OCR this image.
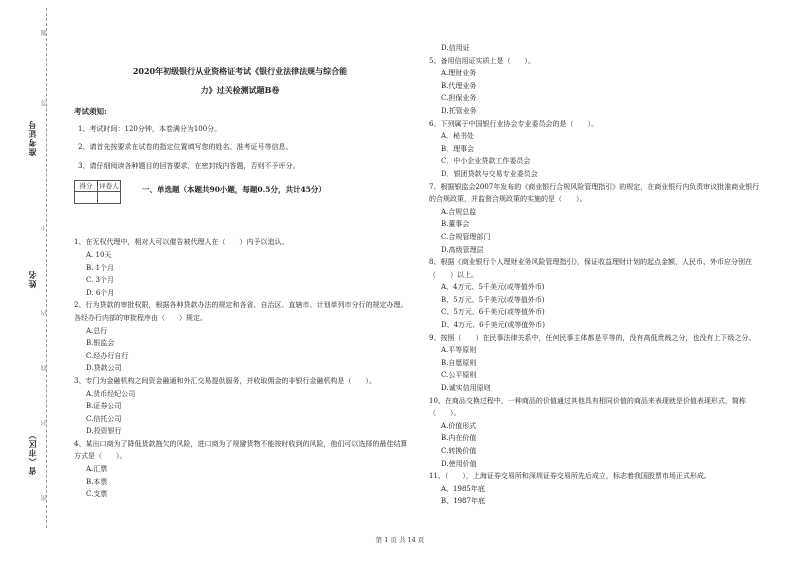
准考证号
姓名
省（市区）
题
答
不
内
线
封
密
2020年初级银行从业资格证考试《银行业法律法规与综合能
力》过关检测试题B卷
考试须知:
1、考试时间：120分钟，本卷满分为100分。
2、请首先按要求在试卷的指定位置填写您的姓名、准考证号等信息。
3、请仔细阅读各种题目的回答要求，在密封线内答题，否则不予评分。
得分	评卷人	一、单选题（本题共90小题，每题0.5分，共计45分）
1、在无权代理中，相对人可以催告被代理人在（　　）内予以追认。
A. 10天
B. 1个月
C. 3个月
D. 6个月
2、行为贷款的审批权限，根据各种贷款办法的规定和各省、自治区、直辖市、计划单列市分行的规定办理。各经办行内部的审批程序由（　　）规定。
A.总行
B.银监会
C.经办行自行
D.贷款公司
3、专门为金融机构之间资金融通和外汇交易提供服务，并收取佣金的非银行金融机构是（　　）。
A.货币经纪公司
B.证券公司
C.信托公司
D.投资银行
4、某出口商为了降低货款拖欠的风险，进口商为了规避货物不能按时收到的风险，他们可以选择的最佳结算方式是（　　）。
A.汇票
B.本票
C.支票
D.信用证
5、备用信用证实质上是（　　）。
A.理财业务
B.代理业务
C.担保业务
D.托管业务
6、下列属于中国银行业协会专业委员会的是（　　）。
A．秘书处
B．理事会
C．中小企业贷款工作委员会
D．银团贷款与交易专业委员会
7、根据银监会2007年发布的《商业银行合规风险管理指引》的规定，在商业银行内负责审议批准商业银行的合规政策，并监督合规政策的实施的是（　　）。
A.合规总监
B.董事会
C.合规管理部门
D.高级管理层
8、根据《商业银行个人理财业务风险管理指引》，保证收益理财计划的起点金额，人民币、外币应分别在（　　）以上。
A、4万元、5千美元(或等值外币)
B、5万元、5千美元(或等值外币)
C、5万元、6千美元(或等值外币)
D、4万元、6千美元(或等值外币)
9、按照（　　）在民事法律关系中，任何民事主体都是平等的，没有高低贵贱之分，也没有上下级之分。
A.平等原则
B.自愿原则
C.公平原则
D.诚实信用原则
10、在商品交换过程中，一种商品的价值通过其他具有相同价值的商品来表现就是价值表现形式，简称（　　）。
A.价值形式
B.内在价值
C.转换价值
D.使用价值
11、（　　），上海证券交易所和深圳证券交易所先后成立，标志着我国股票市场正式形成。
A、1985年底
B、1987年底
第 1 页 共 14 页
